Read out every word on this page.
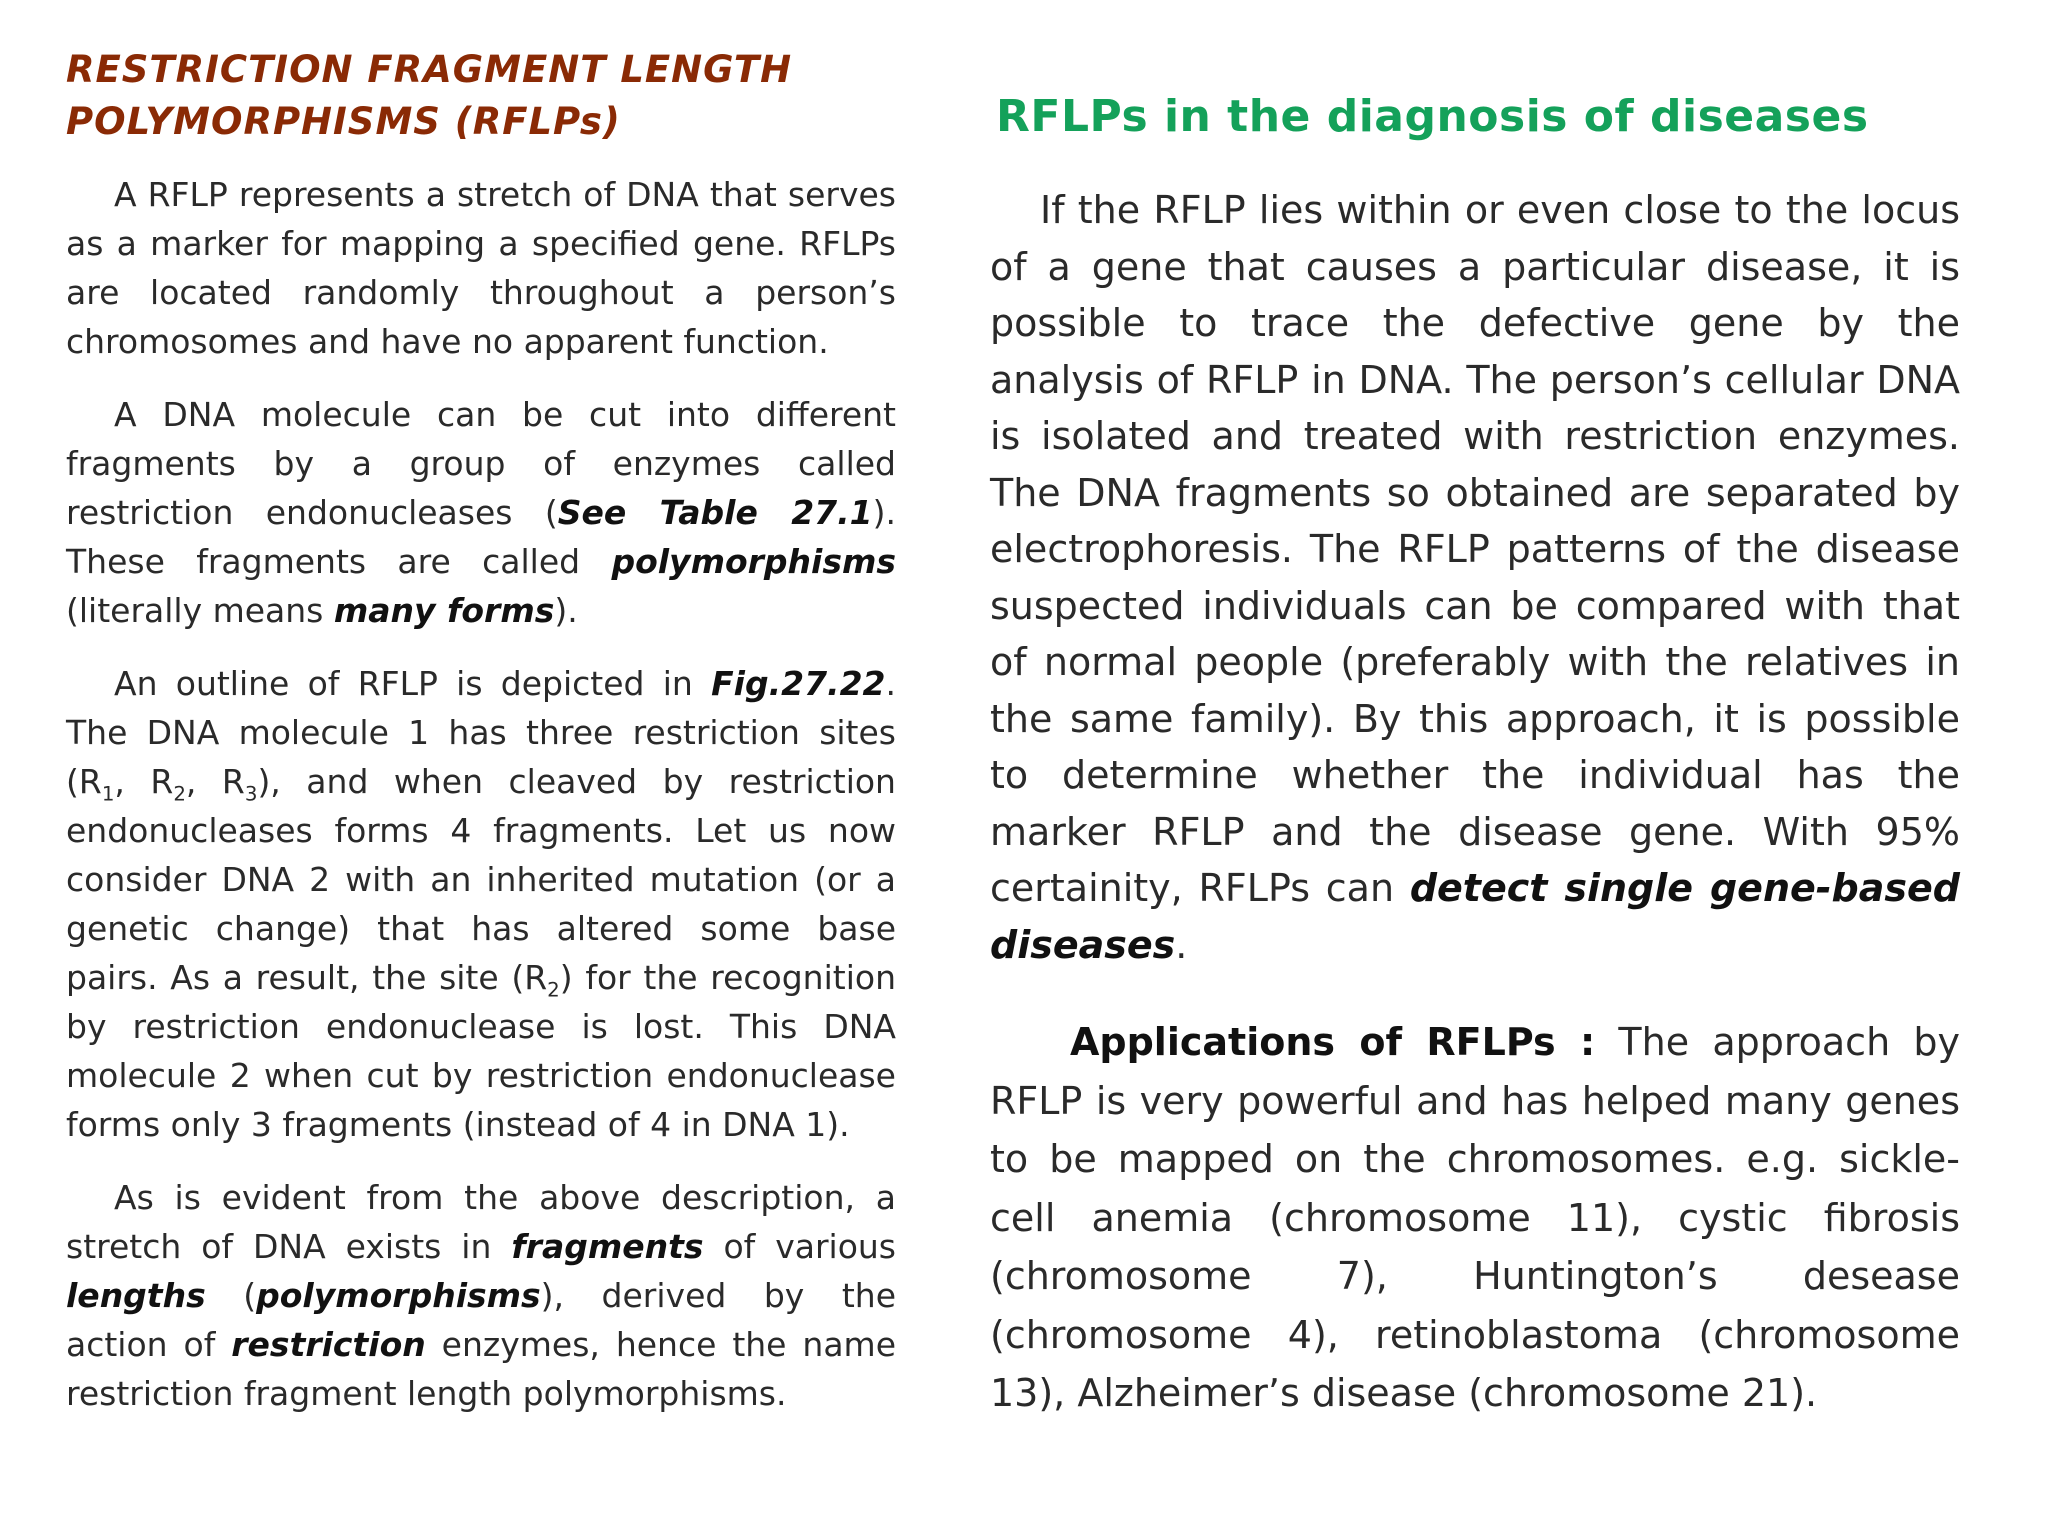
RESTRICTION FRAGMENT LENGTH POLYMORPHISMS (RFLPs)

A RFLP represents a stretch of DNA that serves as a marker for mapping a specified gene. RFLPs are located randomly throughout a person’s chromosomes and have no apparent function.

A DNA molecule can be cut into different fragments by a group of enzymes called restriction endonucleases (See Table 27.1). These fragments are called polymorphisms (literally means many forms).

An outline of RFLP is depicted in Fig.27.22. The DNA molecule 1 has three restriction sites ($R_1$, $R_2$, $R_3$), and when cleaved by restriction endonucleases forms 4 fragments. Let us now consider DNA 2 with an inherited mutation (or a genetic change) that has altered some base pairs. As a result, the site $(R_2)$ for the recognition by restriction endonuclease is lost. This DNA molecule 2 when cut by restriction endonuclease forms only 3 fragments (instead of 4 in DNA 1).

As is evident from the above description, a stretch of DNA exists in fragments of various lengths (polymorphisms), derived by the action of restriction enzymes, hence the name restriction fragment length polymorphisms.

RFLPs in the diagnosis of diseases

If the RFLP lies within or even close to the locus of a gene that causes a particular disease, it is possible to trace the defective gene by the analysis of RFLP in DNA. The person’s cellular DNA is isolated and treated with restriction enzymes. The DNA fragments so obtained are separated by electrophoresis. The RFLP patterns of the disease suspected individuals can be compared with that of normal people (preferably with the relatives in the same family). By this approach, it is possible to determine whether the individual has the marker RFLP and the disease gene. With 95% certainity, RFLPs can detect single gene-based diseases.

Applications of RFLPs : The approach by RFLP is very powerful and has helped many genes to be mapped on the chromosomes. e.g. sickle-cell anemia (chromosome 11), cystic fibrosis (chromosome 7), Huntington’s desease (chromosome 4), retinoblastoma (chromosome 13), Alzheimer’s disease (chromosome 21).
